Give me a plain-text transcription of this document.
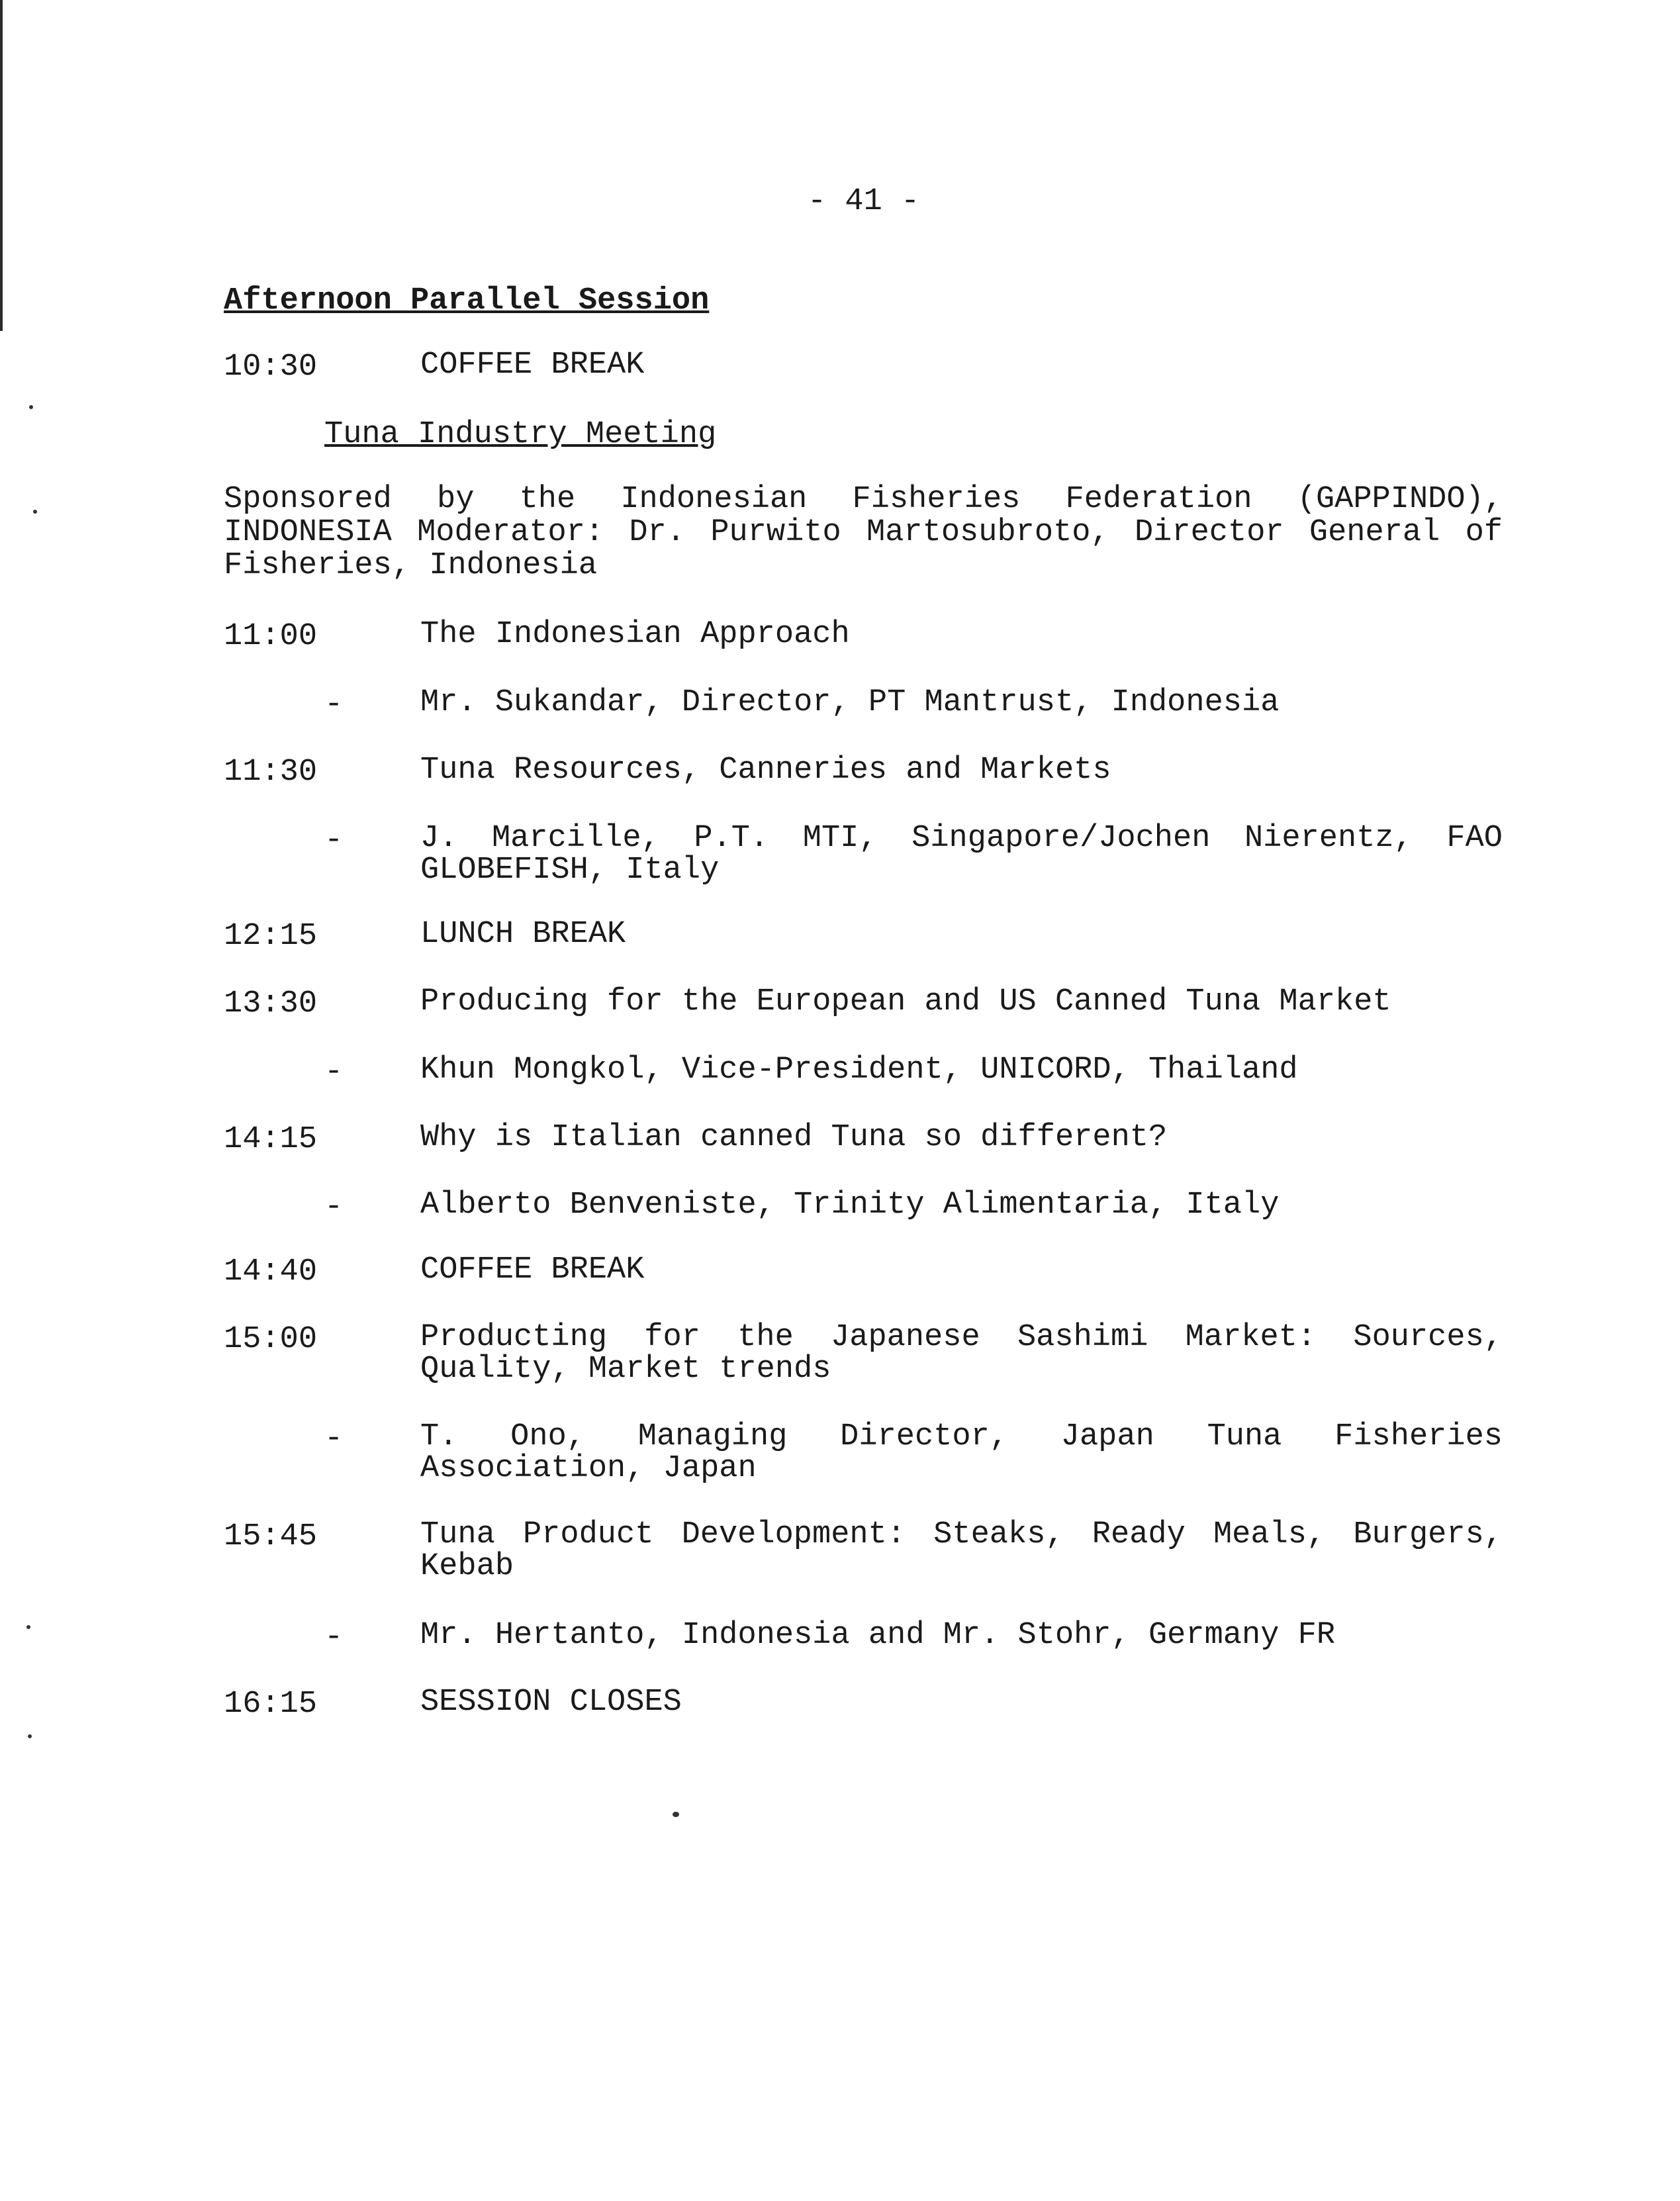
- 41 -
Afternoon Parallel Session
10:30	COFFEE BREAK
Tuna Industry Meeting
Sponsored by the Indonesian Fisheries Federation (GAPPINDO), INDONESIA Moderator: Dr. Purwito Martosubroto, Director General of Fisheries, Indonesia
11:00	The Indonesian Approach
- Mr. Sukandar, Director, PT Mantrust, Indonesia
11:30	Tuna Resources, Canneries and Markets
- J. Marcille, P.T. MTI, Singapore/Jochen Nierentz, FAO GLOBEFISH, Italy
12:15	LUNCH BREAK
13:30	Producing for the European and US Canned Tuna Market
- Khun Mongkol, Vice-President, UNICORD, Thailand
14:15	Why is Italian canned Tuna so different?
- Alberto Benveniste, Trinity Alimentaria, Italy
14:40	COFFEE BREAK
15:00	Producting for the Japanese Sashimi Market: Sources, Quality, Market trends
- T. Ono, Managing Director, Japan Tuna Fisheries Association, Japan
15:45	Tuna Product Development: Steaks, Ready Meals, Burgers, Kebab
- Mr. Hertanto, Indonesia and Mr. Stohr, Germany FR
16:15	SESSION CLOSES
